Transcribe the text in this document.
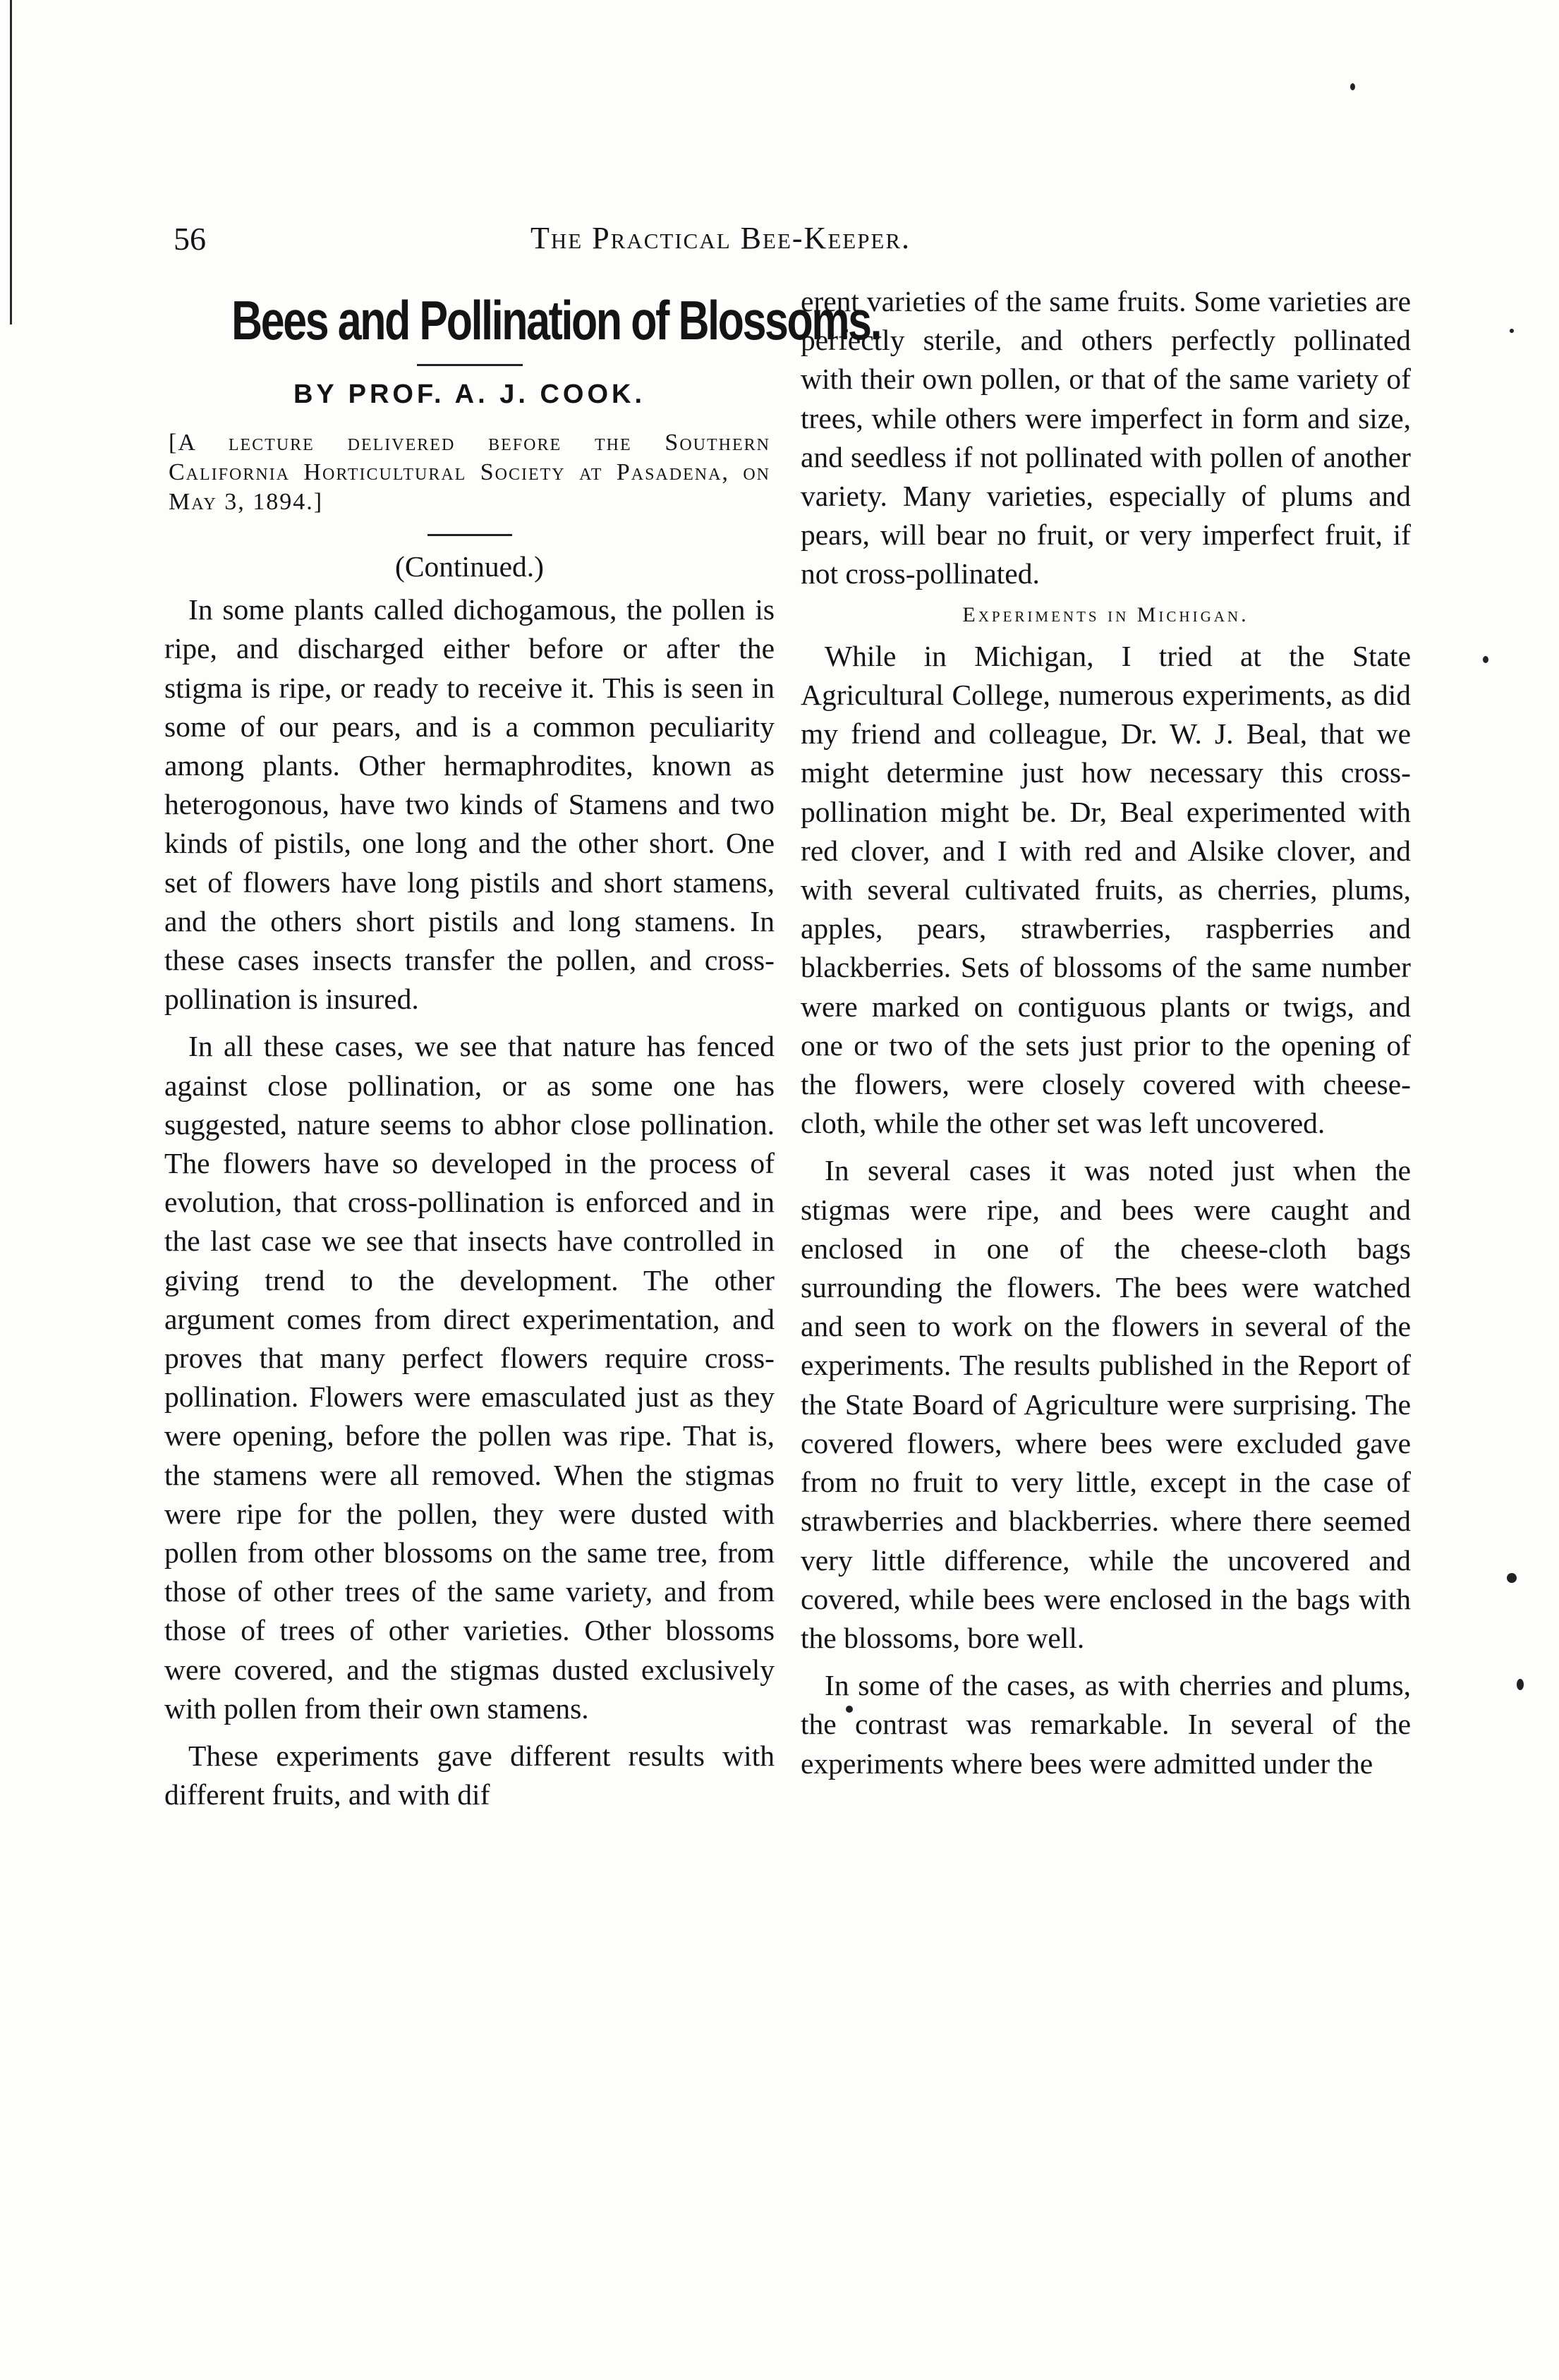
56	The Practical Bee-Keeper.
Bees and Pollination of Blossoms.
BY PROF. A. J. COOK.
[A lecture delivered before the Southern California Horticultural Society at Pasadena, on May 3, 1894.]
(Continued.)

In some plants called dichogamous, the pollen is ripe, and discharged either before or after the stigma is ripe, or ready to receive it. This is seen in some of our pears, and is a common peculiarity among plants. Other hermaphrodites, known as heterogonous, have two kinds of Stamens and two kinds of pistils, one long and the other short. One set of flowers have long pistils and short stamens, and the others short pistils and long stamens. In these cases insects transfer the pollen, and cross-pollination is insured.

In all these cases, we see that nature has fenced against close pollination, or as some one has suggested, nature seems to abhor close pollination. The flowers have so developed in the process of evolution, that cross-pollination is enforced and in the last case we see that insects have controlled in giving trend to the development. The other argument comes from direct experimentation, and proves that many perfect flowers require cross-pollination. Flowers were emasculated just as they were opening, before the pollen was ripe. That is, the stamens were all removed. When the stigmas were ripe for the pollen, they were dusted with pollen from other blossoms on the same tree, from those of other trees of the same variety, and from those of trees of other varieties. Other blossoms were covered, and the stigmas dusted exclusively with pollen from their own stamens.

These experiments gave different results with different fruits, and with dif

erent varieties of the same fruits. Some varieties are perfectly sterile, and others perfectly pollinated with their own pollen, or that of the same variety of trees, while others were imperfect in form and size, and seedless if not pollinated with pollen of another variety. Many varieties, especially of plums and pears, will bear no fruit, or very imperfect fruit, if not cross-pollinated.

Experiments in Michigan.

While in Michigan, I tried at the State Agricultural College, numerous experiments, as did my friend and colleague, Dr. W. J. Beal, that we might determine just how necessary this cross-pollination might be. Dr, Beal experimented with red clover, and I with red and Alsike clover, and with several cultivated fruits, as cherries, plums, apples, pears, strawberries, raspberries and blackberries. Sets of blossoms of the same number were marked on contiguous plants or twigs, and one or two of the sets just prior to the opening of the flowers, were closely covered with cheese-cloth, while the other set was left uncovered.

In several cases it was noted just when the stigmas were ripe, and bees were caught and enclosed in one of the cheese-cloth bags surrounding the flowers. The bees were watched and seen to work on the flowers in several of the experiments. The results published in the Report of the State Board of Agriculture were surprising. The covered flowers, where bees were excluded gave from no fruit to very little, except in the case of strawberries and blackberries. where there seemed very little difference, while the uncovered and covered, while bees were enclosed in the bags with the blossoms, bore well.

In some of the cases, as with cherries and plums, the contrast was remarkable. In several of the experiments where bees were admitted under the
